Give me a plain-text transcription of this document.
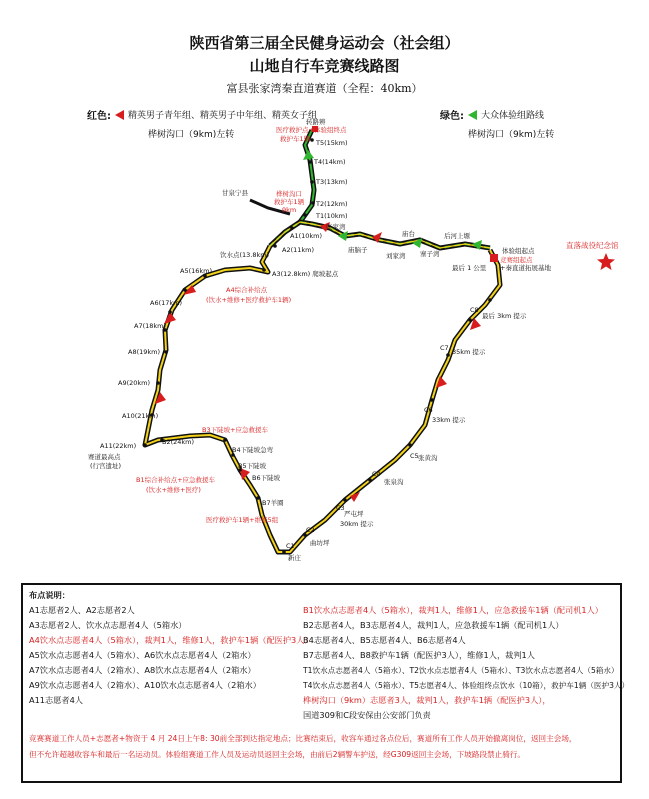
陕西省第三届全民健身运动会（社会组）
山地自行车竞赛线路图
富县张家湾秦直道赛道（全程：40km）
红色: 精英男子青年组、精英男子中年组、精英女子组	绿色: 大众体验组路线
桦树沟口（9km)左转	桦树沟口（9km)左转
医疗救护点+体验组终点
救护车1辆
桦树沟口
救护车1辆
9km
A4综合补给点
(饮水+维修+医疗救护车1辆)
B1综合补给点+应急救援车
(饮水+维修+医疗)
B3下陡坡+应急救援车
医疗救护车1辆+维修5组
竞赛组起点
直落战役纪念馆
甘泉宁县
转路辨
T5(15km)
T4(14km)
T3(13km)
T2(12km)
T1(10km)
张家湾
A1(10km)
A2(11km)
饮水点(13.8km)
A3(12.8km) 爬坡起点
A5(16km)
A6(17km)
A7(18km)
A8(19km)
A9(20km)
A10(21km)
A11(22km)
赛道最高点
(行宫遗址)
B2(24km)
B4下陡坡急弯
B5下陡坡
B6下陡坡
B7羊圈
C1
新庄
C2
曲坊坪
C3
严屯坪
30km 提示
C4
张泉沟
C5 张黄沟
C6
33km 提示
C7 35km 提示
C8
最后 3km 提示
最后 1 公里 +秦直道拓展基地
体验组起点
庙脑子
刘家湾 寨子湾
后河上塬
庙台
布点说明：
A1志愿者2人、A2志愿者2人
A3志愿者2人、饮水点志愿者4人（5箱水）
A4饮水点志愿者4人（5箱水），裁判1人，维修1人，救护车1辆（配医护3人）
A5饮水点志愿者4人（5箱水）、A6饮水点志愿者4人（2箱水）
A7饮水点志愿者4人（2箱水）、A8饮水点志愿者4人（2箱水）
A9饮水点志愿者4人（2箱水）、A10饮水点志愿者4人（2箱水）
A11志愿者4人
B1饮水点志愿者4人（5箱水），裁判1人，维修1人，应急救援车1辆（配司机1人）
B2志愿者4人，B3志愿者4人，裁判1人，应急救援车1辆（配司机1人）
B4志愿者4人、B5志愿者4人、B6志愿者4人
B7志愿者4人、B8救护车1辆（配医护3人），维修1人，裁判1人
T1饮水点志愿者4人（5箱水）、T2饮水点志愿者4人（5箱水）、T3饮水点志愿者4人（5箱水）
T4饮水点志愿者4人（5箱水）、T5志愿者4人、体验组终点饮水（10箱），救护车1辆（医护3人）
桦树沟口（9km）志愿者3人，裁判1人，救护车1辆（配医护3人），
国道309和C段安保由公安部门负责
竞赛赛道工作人员+志愿者+物资于 4 月 24日上午8: 30前全部到达指定地点；比赛结束后，收容车通过各点位后，赛道所有工作人员开始撤离岗位，返回主会场，
但不允许超越收容车和最后一名运动员。体验组赛道工作人员及运动员返回主会场，由前后2辆警车护送，经G309返回主会场，下坡路段禁止骑行。
